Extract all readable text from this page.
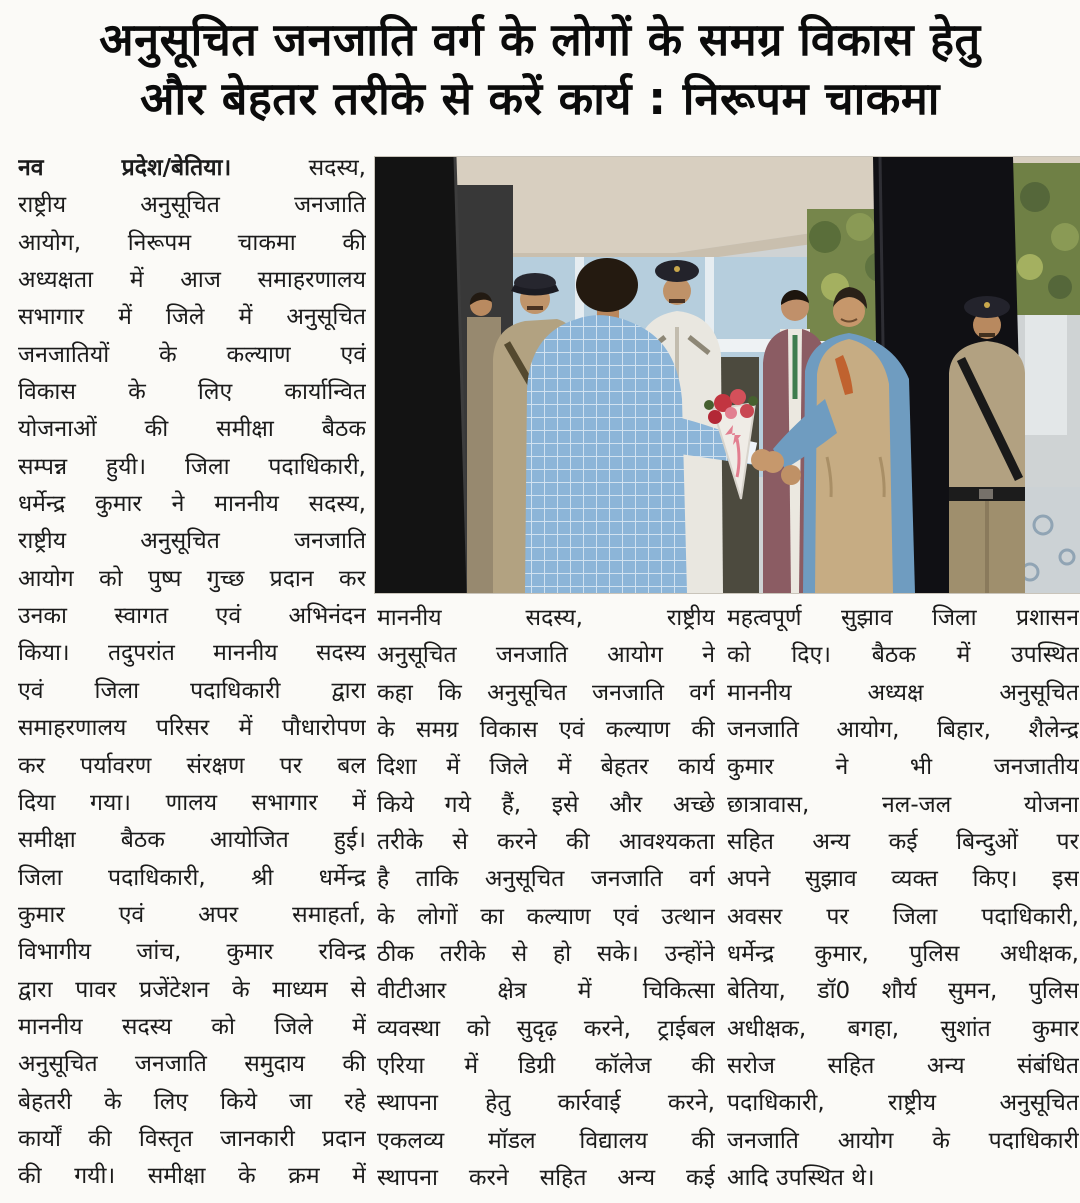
अनुसूचित जनजाति वर्ग के लोगों के समग्र विकास हेतु
और बेहतर तरीके से करें कार्य : निरूपम चाकमा
नव प्रदेश/बेतिया। सदस्य,
राष्ट्रीय अनुसूचित जनजाति
आयोग, निरूपम चाकमा की
अध्यक्षता में आज समाहरणालय
सभागार में जिले में अनुसूचित
जनजातियों के कल्याण एवं
विकास के लिए कार्यान्वित
योजनाओं की समीक्षा बैठक
सम्पन्न हुयी। जिला पदाधिकारी,
धर्मेन्द्र कुमार ने माननीय सदस्य,
राष्ट्रीय अनुसूचित जनजाति
आयोग को पुष्प गुच्छ प्रदान कर
उनका स्वागत एवं अभिनंदन
किया। तदुपरांत माननीय सदस्य
एवं जिला पदाधिकारी द्वारा
समाहरणालय परिसर में पौधारोपण
कर पर्यावरण संरक्षण पर बल
दिया गया। णालय सभागार में
समीक्षा बैठक आयोजित हुई।
जिला पदाधिकारी, श्री धर्मेन्द्र
कुमार एवं अपर समाहर्ता,
विभागीय जांच, कुमार रविन्द्र
द्वारा पावर प्रजेंटेशन के माध्यम से
माननीय सदस्य को जिले में
अनुसूचित जनजाति समुदाय की
बेहतरी के लिए किये जा रहे
कार्यों की विस्तृत जानकारी प्रदान
की गयी। समीक्षा के क्रम में
माननीय सदस्य, राष्ट्रीय
अनुसूचित जनजाति आयोग ने
कहा कि अनुसूचित जनजाति वर्ग
के समग्र विकास एवं कल्याण की
दिशा में जिले में बेहतर कार्य
किये गये हैं, इसे और अच्छे
तरीके से करने की आवश्यकता
है ताकि अनुसूचित जनजाति वर्ग
के लोगों का कल्याण एवं उत्थान
ठीक तरीके से हो सके। उन्होंने
वीटीआर क्षेत्र में चिकित्सा
व्यवस्था को सुदृढ़ करने, ट्राईबल
एरिया में डिग्री कॉलेज की
स्थापना हेतु कार्रवाई करने,
एकलव्य मॉडल विद्यालय की
स्थापना करने सहित अन्य कई
महत्वपूर्ण सुझाव जिला प्रशासन
को दिए। बैठक में उपस्थित
माननीय अध्यक्ष अनुसूचित
जनजाति आयोग, बिहार, शैलेन्द्र
कुमार ने भी जनजातीय
छात्रावास, नल-जल योजना
सहित अन्य कई बिन्दुओं पर
अपने सुझाव व्यक्त किए। इस
अवसर पर जिला पदाधिकारी,
धर्मेन्द्र कुमार, पुलिस अधीक्षक,
बेतिया, डॉ0 शौर्य सुमन, पुलिस
अधीक्षक, बगहा, सुशांत कुमार
सरोज सहित अन्य संबंधित
पदाधिकारी, राष्ट्रीय अनुसूचित
जनजाति आयोग के पदाधिकारी
आदि उपस्थित थे।
